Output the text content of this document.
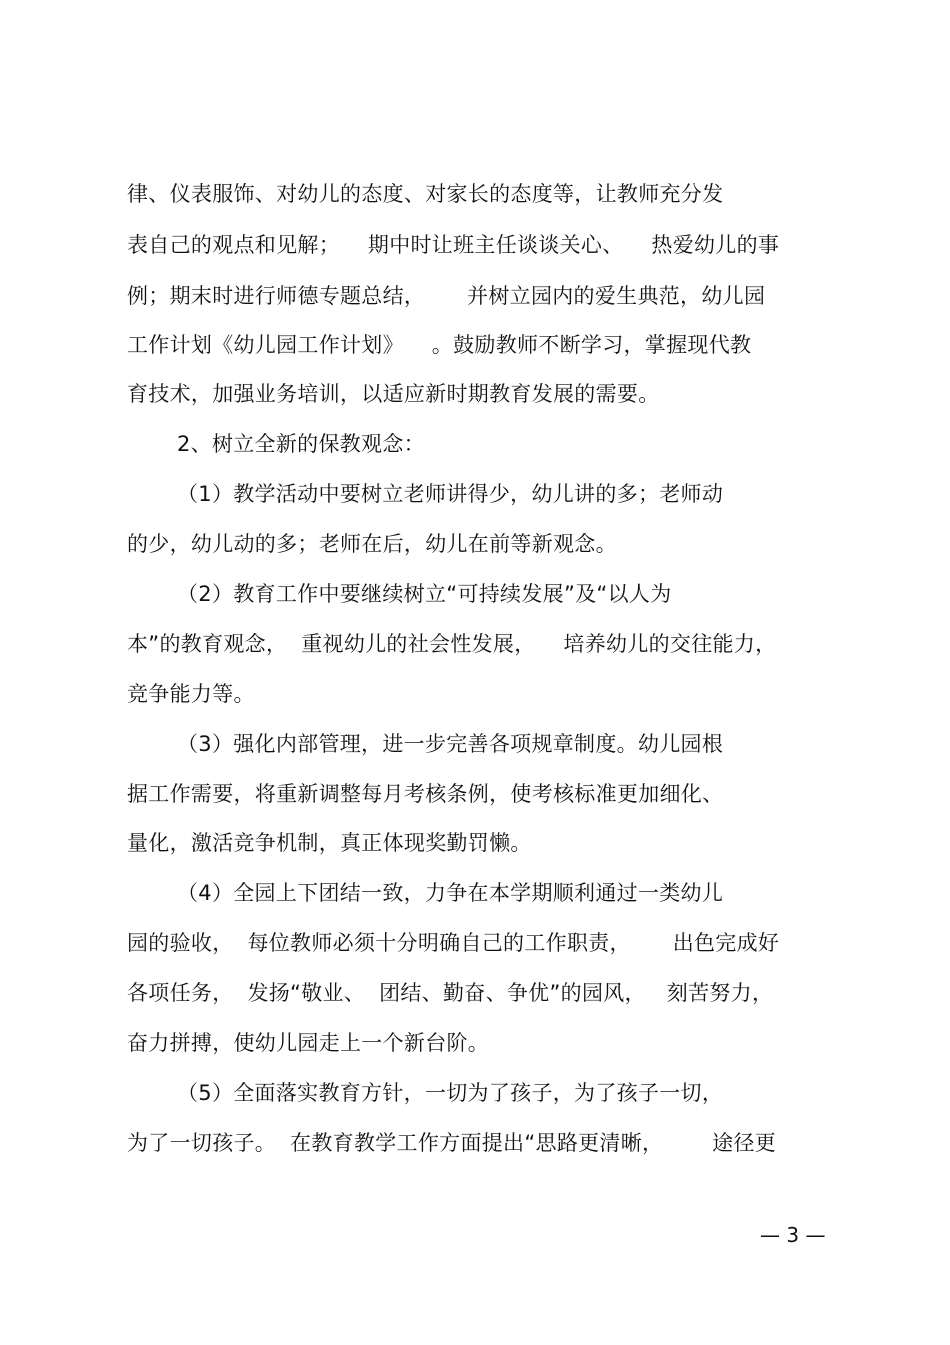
律、仪表服饰、对幼儿的态度、对家长的态度等，让教师充分发
表自己的观点和见解；    期中时让班主任谈谈关心、    热爱幼儿的事
例；期末时进行师德专题总结，      并树立园内的爱生典范，幼儿园
工作计划《幼儿园工作计划》    。鼓励教师不断学习，掌握现代教
育技术，加强业务培训，以适应新时期教育发展的需要。
2、树立全新的保教观念：
（1）教学活动中要树立老师讲得少，幼儿讲的多；老师动
的少，幼儿动的多；老师在后，幼儿在前等新观念。
（2）教育工作中要继续树立“可持续发展”及“以人为
本”的教育观念，  重视幼儿的社会性发展，    培养幼儿的交往能力，
竞争能力等。
（3）强化内部管理，进一步完善各项规章制度。幼儿园根
据工作需要，将重新调整每月考核条例，使考核标准更加细化、
量化，激活竞争机制，真正体现奖勤罚懒。
（4）全园上下团结一致，力争在本学期顺利通过一类幼儿
园的验收，  每位教师必须十分明确自己的工作职责，      出色完成好
各项任务，  发扬“敬业、  团结、勤奋、争优”的园风，   刻苦努力，
奋力拼搏，使幼儿园走上一个新台阶。
（5）全面落实教育方针，一切为了孩子，为了孩子一切，
为了一切孩子。  在教育教学工作方面提出“思路更清晰，       途径更
— 3 —
